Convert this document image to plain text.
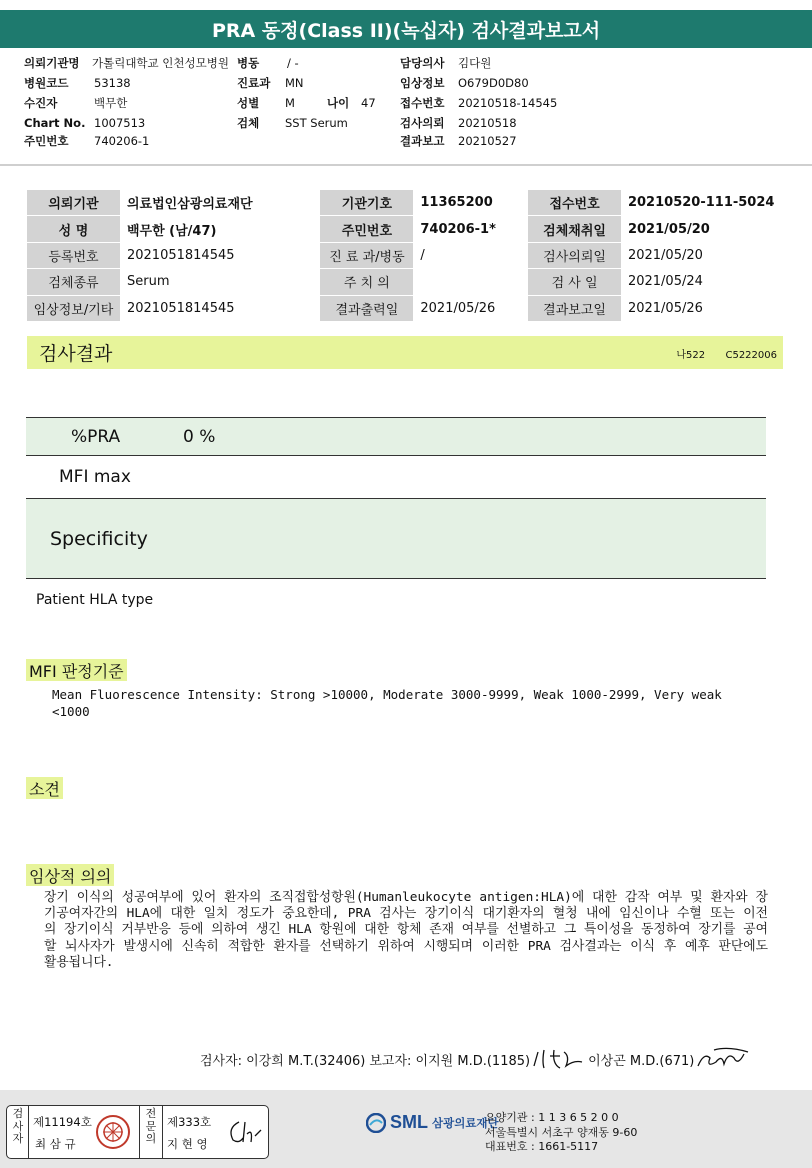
PRA 동정(Class II)(녹십자) 검사결과보고서
의뢰기관명	가톨릭대학교 인천성모병원 병동	/ -	담당의사	김다원
병원코드	53138	진료과	MN	임상정보	O679D0D80
수진자	백무한	성별	M	나이	47 접수번호	20210518-14545
Chart No. 1007513	검체	SST Serum	검사의뢰	20210518
주민번호	740206-1	결과보고	20210527
의뢰기관	의료법인삼광의료재단	기관기호	11365200	접수번호	20210520-111-5024
성 명	백무한 (남/47)	주민번호	740206-1*	검체채취일	2021/05/20
등록번호	2021051814545	진 료 과/병동	/	검사의뢰일	2021/05/20
검체종류	Serum	주 치 의		검 사 일	2021/05/24
임상정보/기타	2021051814545	결과출력일	2021/05/26	결과보고일	2021/05/26
검사결과	나522 C5222006
%PRA	0 %
MFI max
Specificity
Patient HLA type
MFI 판정기준
Mean Fluorescence Intensity: Strong >10000, Moderate 3000-9999, Weak 1000-2999, Very weak
<1000
소견
임상적 의의
장기 이식의 성공여부에 있어 환자의 조직접합성항원(Humanleukocyte antigen:HLA)에 대한 감작 여부 및 환자와 장기공여자간의 HLA에 대한 일치 정도가 중요한데, PRA 검사는 장기이식 대기환자의 혈청 내에 임신이나 수혈 또는 이전의 장기이식 거부반응 등에 의하여 생긴 HLA 항원에 대한 항체 존재 여부를 선별하고 그 특이성을 동정하여 장기를 공여할 뇌사자가 발생시에 신속히 적합한 환자를 선택하기 위하여 시행되며 이러한 PRA 검사결과는 이식 후 예후 판단에도 활용됩니다.
검사자: 이강희 M.T.(32406) 보고자: 이지원 M.D.(1185)	이상곤 M.D.(671)
검사자
제11194호
최 삼 규
전문의
제333호
지 현 영
SML 삼광의료재단
요양기관 : 1 1 3 6 5 2 0 0
서울특별시 서초구 양재동 9-60
대표번호 : 1661-5117
